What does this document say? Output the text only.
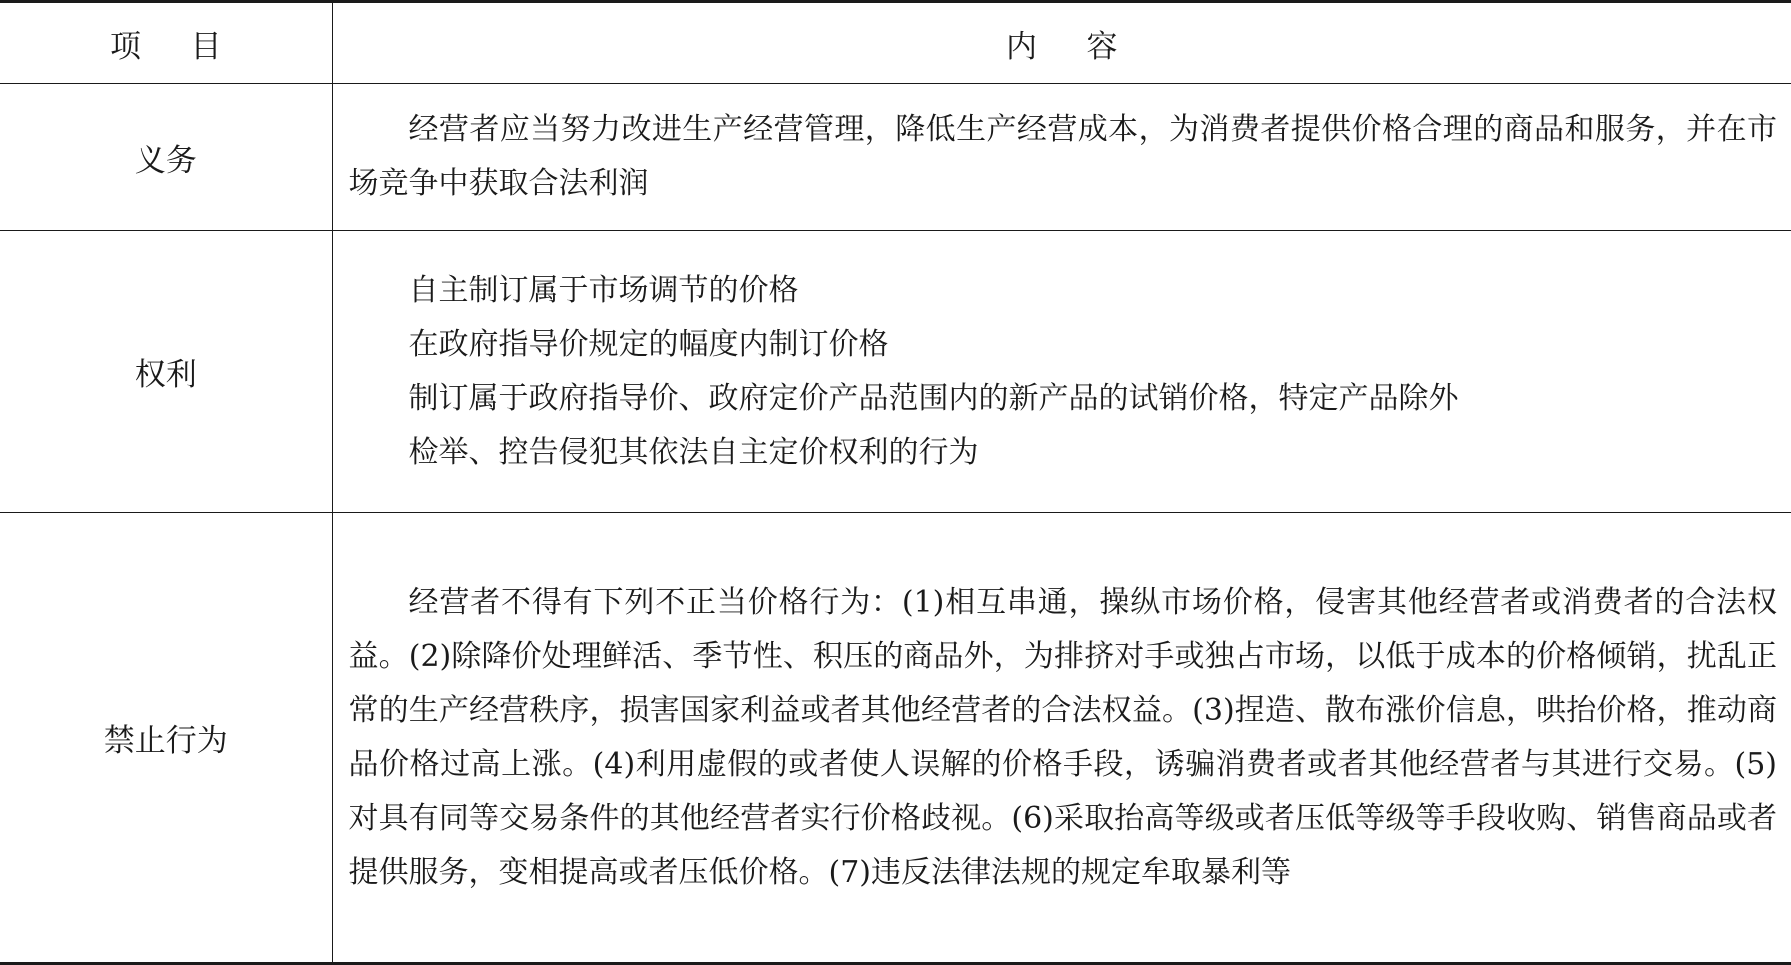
项目	内容
义务	经营者应当努力改进生产经营管理，降低生产经营成本，为消费者提供价格合理的商品和服务，并在市场竞争中获取合法利润

权利	自主制订属于市场调节的价格

在政府指导价规定的幅度内制订价格

制订属于政府指导价、政府定价产品范围内的新产品的试销价格，特定产品除外

检举、控告侵犯其依法自主定价权利的行为

禁止行为	经营者不得有下列不正当价格行为：(1)相互串通，操纵市场价格，侵害其他经营者或消费者的合法权益。(2)除降价处理鲜活、季节性、积压的商品外，为排挤对手或独占市场，以低于成本的价格倾销，扰乱正常的生产经营秩序，损害国家利益或者其他经营者的合法权益。(3)捏造、散布涨价信息，哄抬价格，推动商品价格过高上涨。(4)利用虚假的或者使人误解的价格手段，诱骗消费者或者其他经营者与其进行交易。(5)对具有同等交易条件的其他经营者实行价格歧视。(6)采取抬高等级或者压低等级等手段收购、销售商品或者提供服务，变相提高或者压低价格。(7)违反法律法规的规定牟取暴利等
